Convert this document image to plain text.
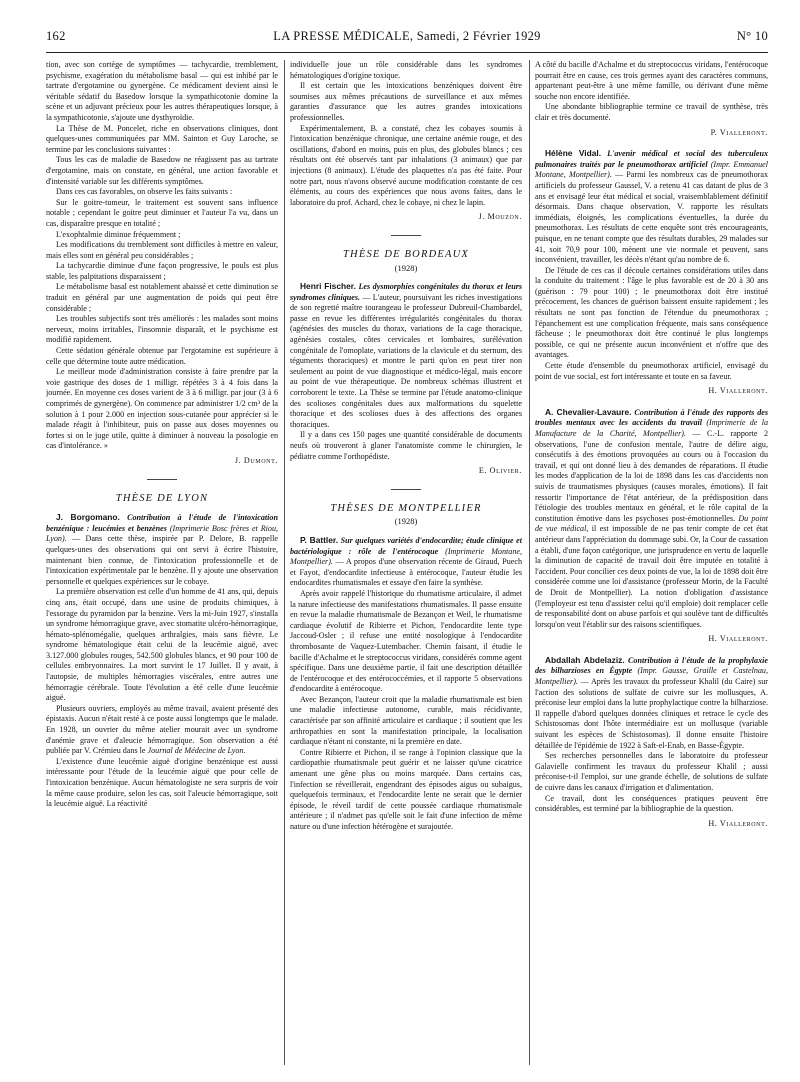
162	LA PRESSE MÉDICALE, Samedi, 2 Février 1929	N° 10

tion, avec son cortège de symptômes — tachycardie, tremblement, psychisme, exagération du métabolisme basal — qui est inhibé par le tartrate d'ergotamine ou gynergène. Ce médicament devient ainsi le véritable sédatif du Basedow lorsque la sympathicotonie domine la scène et un adjuvant précieux pour les autres thérapeutiques lorsque, à la sympathicotonie, s'ajoute une dysthyroïdie.

La Thèse de M. Poncelet, riche en observations cliniques, dont quelques-unes communiquées par MM. Sainton et Guy Laroche, se termine par les conclusions suivantes :

Tous les cas de maladie de Basedow ne réagissent pas au tartrate d'ergotamine, mais on constate, en général, une action favorable et d'intensité variable sur les différents symptômes.

Dans ces cas favorables, on observe les faits suivants :

Sur le goitre-tumeur, le traitement est souvent sans influence notable ; cependant le goitre peut diminuer et l'auteur l'a vu, dans un cas, disparaître presque en totalité ;

L'exophtalmie diminue fréquemment ;

Les modifications du tremblement sont difficiles à mettre en valeur, mais elles sont en général peu considérables ;

La tachycardie diminue d'une façon progressive, le pouls est plus stable, les palpitations disparaissent ;

Le métabolisme basal est notablement abaissé et cette diminution se traduit en général par une augmentation de poids qui peut être considérable ;

Les troubles subjectifs sont très améliorés : les malades sont moins nerveux, moins irritables, l'insomnie disparaît, et le psychisme est modifié rapidement.

Cette sédation générale obtenue par l'ergotamine est supérieure à celle que détermine toute autre médication.

Le meilleur mode d'administration consiste à faire prendre par la voie gastrique des doses de 1 milligr. répétées 3 à 4 fois dans la journée. En moyenne ces doses varient de 3 à 6 milligr. par jour (3 à 6 comprimés de gynergène). On commence par administrer 1/2 cm³ de la solution à 1 pour 2.000 en injection sous-cutanée pour apprécier si le malade réagit à l'inhibiteur, puis on passe aux doses moyennes ou fortes si on le juge utile, quitte à diminuer à nouveau la posologie en cas d'intolérance. »

J. Dumont.
THÈSE DE LYON

J. Borgomano. Contribution à l'étude de l'intoxication benzénique : leucémies et benzènes (Imprimerie Bosc frères et Riou, Lyon). — Dans cette thèse, inspirée par P. Delore, B. rappelle quelques-unes des observations qui ont servi à écrire l'histoire, maintenant bien connue, de l'intoxication professionnelle et de l'intoxication expérimentale par le benzène. Il y ajoute une observation personnelle et quelques expériences sur le cobaye.

La première observation est celle d'un homme de 41 ans, qui, depuis cinq ans, était occupé, dans une usine de produits chimiques, à l'essorage du pyramidon par la benzine. Vers la mi-Juin 1927, s'installa un syndrome hémorragique grave, avec stomatite ulcéro-hémorragique, hémato-splénomégalie, quelques arthralgies, mais sans fièvre. Le syndrome hématologique était celui de la leucémie aiguë, avec 3.127.000 globules rouges, 542.500 globules blancs, et 90 pour 100 de cellules embryonnaires. La mort survint le 17 Juillet. Il y avait, à l'autopsie, de multiples hémorragies viscérales, entre autres une hémorragie cérébrale. Toute l'évolution a été celle d'une leucémie aiguë.

Plusieurs ouvriers, employés au même travail, avaient présenté des épistaxis. Aucun n'était resté à ce poste aussi longtemps que le malade. En 1928, un ouvrier du même atelier mourait avec un syndrome d'anémie grave et d'aleucie hémorragique. Son observation a été publiée par V. Crémieu dans le Journal de Médecine de Lyon.

L'existence d'une leucémie aiguë d'origine benzénique est aussi intéressante pour l'étude de la leucémie aiguë que pour celle de l'intoxication benzénique. Aucun hématologiste ne sera surpris de voir la même cause produire, selon les cas, soit l'aleucie hémorragique, soit la leucémie aiguë. La réactivité

individuelle joue un rôle considérable dans les syndromes hématologiques d'origine toxique.

Il est certain que les intoxications benzéniques doivent être soumises aux mêmes précautions de surveillance et aux mêmes garanties d'assurance que les autres grandes intoxications professionnelles.

Expérimentalement, B. a constaté, chez les cobayes soumis à l'intoxication benzénique chronique, une certaine anémie rouge, et des oscillations, d'abord en moins, puis en plus, des globules blancs ; ces résultats ont été observés tant par inhalations (3 animaux) que par injections (8 animaux). L'étude des plaquettes n'a pas été faite. Pour notre part, nous n'avons observé aucune modification constante de ces éléments, au cours des expériences que nous avons faites, dans le laboratoire du prof. Achard, chez le cobaye, ni chez le lapin.

J. Mouzon.
THÈSE DE BORDEAUX
(1928)

Henri Fischer. Les dysmorphies congénitales du thorax et leurs syndromes cliniques. — L'auteur, poursuivant les riches investigations de son regretté maître tourangeau le professeur Dubreuil-Chambardel, passe en revue les différentes irrégularités congénitales du thorax (agénésies des muscles du thorax, variations de la cage thoracique, agénésies costales, côtes cervicales et lombaires, surélévation congénitale de l'omoplate, variations de la clavicule et du sternum, des téguments thoraciques) et montre le parti qu'on en peut tirer non seulement au point de vue diagnostique et médico-légal, mais encore au point de vue thérapeutique. De nombreux schémas illustrent et corroborent le texte. La Thèse se termine par l'étude anatomo-clinique des scolioses congénitales dues aux malformations du squelette thoracique et des scolioses dues à des affections des organes thoraciques.

Il y a dans ces 150 pages une quantité considérable de documents neufs où trouveront à glaner l'anatomiste comme le chirurgien, le pédiatre comme l'orthopédiste.

E. Olivier.
THÈSES DE MONTPELLIER
(1928)

P. Battler. Sur quelques variétés d'endocardite; étude clinique et bactériologique : rôle de l'entérocoque (Imprimerie Montane, Montpellier). — A propos d'une observation récente de Giraud, Puech et Fayot, d'endocardite infectieuse à entérocoque, l'auteur étudie les endocardites rhumatismales et essaye d'en faire la synthèse.

Après avoir rappelé l'historique du rhumatisme articulaire, il admet la nature infectieuse des manifestations rhumatismales. Il passe ensuite en revue la maladie rhumatismale de Bezançon et Weil, le rhumatisme cardiaque évolutif de Ribierre et Pichon, l'endocardite lente type Jaccoud-Osler ; il refuse une entité nosologique à l'endocardite thrombosante de Vaquez-Lutembacher. Chemin faisant, il étudie le bacille d'Achalme et le streptococcus viridans, considérés comme agent spécifique. Dans une deuxième partie, il fait une description détaillée de l'entérocoque et des entérococcémies, et il rapporte 5 observations d'endocardite à entérocoque.

Avec Bezançon, l'auteur croit que la maladie rhumatismale est bien une maladie infectieuse autonome, curable, mais récidivante, caractérisée par son affinité articulaire et cardiaque ; il soutient que les arthropathies en sont la manifestation principale, la localisation cardiaque n'étant ni constante, ni la première en date.

Contre Ribierre et Pichon, il se range à l'opinion classique que la cardiopathie rhumatismale peut guérir et ne laisser qu'une cicatrice amenant une gêne plus ou moins marquée. Dans certains cas, l'infection se réveillerait, engendrant des épisodes aigus ou subaigus, quelquefois terminaux, et l'endocardite lente ne serait que le dernier épisode, le réveil tardif de cette poussée cardiaque rhumatismale antérieure ; il n'admet pas qu'elle soit le fait d'une infection de même nature ou d'une infection hétérogène et surajoutée.

A côté du bacille d'Achalme et du streptococcus viridans, l'entérocoque pourrait être en cause, ces trois germes ayant des caractères communs, appartenant peut-être à une même famille, ou dérivant d'une même souche non encore identifiée.

Une abondante bibliographie termine ce travail de synthèse, très clair et très documenté.

P. Vialleront.

Hélène Vidal. L'avenir médical et social des tuberculeux pulmonaires traités par le pneumothorax artificiel (Impr. Emmanuel Montane, Montpellier). — Parmi les nombreux cas de pneumothorax artificiels du professeur Gaussel, V. a retenu 41 cas datant de plus de 3 ans et envisagé leur état médical et social, vraisemblablement définitif désormais. Dans chaque observation, V. rapporte les résultats immédiats, éloignés, les complications éventuelles, la durée du pneumothorax. Les résultats de cette enquête sont très encourageants, puisque, en ne tenant compte que des résultats durables, 29 malades sur 41, soit 70,9 pour 100, mènent une vie normale et peuvent, sans inconvénient, travailler, les décès n'étant qu'au nombre de 6.

De l'étude de ces cas il découle certaines considérations utiles dans la conduite du traitement : l'âge le plus favorable est de 20 à 30 ans (guérison : 79 pour 100) ; le pneumothorax doit être institué précocement, les chances de guérison baissent ensuite rapidement ; les résultats ne sont pas fonction de l'étendue du pneumothorax ; l'épanchement est une complication fréquente, mais sans conséquence fâcheuse ; le pneumothorax doit être continué le plus longtemps possible, ce qui ne présente aucun inconvénient et n'offre que des avantages.

Cette étude d'ensemble du pneumothorax artificiel, envisagé du point de vue social, est fort intéressante et toute en sa faveur.

H. Vialleront.

A. Chevalier-Lavaure. Contribution à l'étude des rapports des troubles mentaux avec les accidents du travail (Imprimerie de la Manufacture de la Charité, Montpellier). — C.-L. rapporte 2 observations, l'une de confusion mentale, l'autre de délire aigu, consécutifs à des émotions provoquées au cours ou à l'occasion du travail, et qui ont donné lieu à des demandes de réparations. Il étudie les modes d'application de la loi de 1898 dans les cas d'accidents non suivis de traumatismes physiques (causes morales, émotions). Il fait ressortir l'importance de l'état antérieur, de la prédisposition dans l'étiologie des troubles mentaux en général, et le rôle capital de la constitution émotive dans les psychoses post-émotionnelles. Du point de vue médical, il est impossible de ne pas tenir compte de cet état antérieur dans l'appréciation du dommage subi. Or, la Cour de cassation a établi, d'une façon catégorique, une jurisprudence en vertu de laquelle la diminution de capacité de travail doit être imputée en totalité à l'accident. Pour concilier ces deux points de vue, la loi de 1898 doit être considérée comme une loi d'assistance (professeur Morin, de la Faculté de Droit de Montpellier). La notion d'obligation d'assistance (l'employeur est tenu d'assister celui qu'il emploie) doit remplacer celle de responsabilité dont on abuse parfois et qui soulève tant de difficultés lorsqu'on veut l'établir sur des raisons scientifiques.

H. Vialleront.

Abdallah Abdelaziz. Contribution à l'étude de la prophylaxie des bilharzioses en Égypte (Impr. Gausse, Graille et Castelnau, Montpellier). — Après les travaux du professeur Khalil (du Caire) sur l'action des solutions de sulfate de cuivre sur les mollusques, A. préconise leur emploi dans la lutte prophylactique contre la bilharziose. Il rappelle d'abord quelques données cliniques et retrace le cycle des Schistosomas dont l'hôte intermédiaire est un mollusque (variable suivant les espèces de Schistosomas). Il donne ensuite l'histoire détaillée de l'épidémie de 1922 à Saft-el-Enab, en Basse-Égypte.

Ses recherches personnelles dans le laboratoire du professeur Galavielle confirment les travaux du professeur Khalil ; aussi préconise-t-il l'emploi, sur une grande échelle, de solutions de sulfate de cuivre dans les canaux d'irrigation et d'alimentation.

Ce travail, dont les conséquences pratiques peuvent être considérables, est terminé par la bibliographie de la question.

H. Vialleront.
